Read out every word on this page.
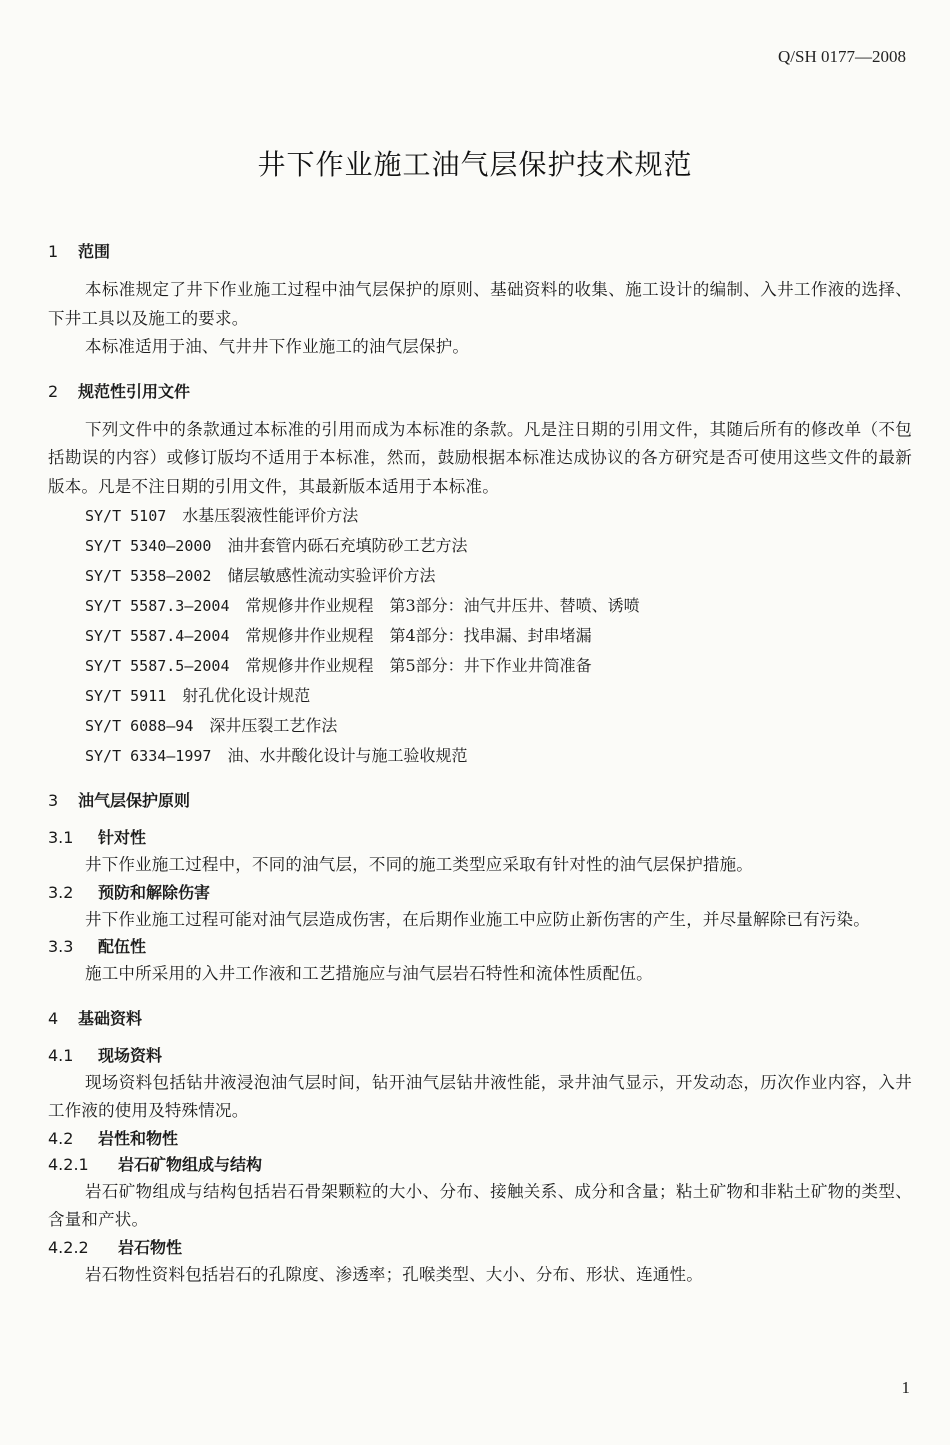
Q/SH 0177—2008
井下作业施工油气层保护技术规范
1 范围

本标准规定了井下作业施工过程中油气层保护的原则、基础资料的收集、施工设计的编制、入井工作液的选择、下井工具以及施工的要求。

本标准适用于油、气井井下作业施工的油气层保护。

2 规范性引用文件

下列文件中的条款通过本标准的引用而成为本标准的条款。凡是注日期的引用文件，其随后所有的修改单（不包括勘误的内容）或修订版均不适用于本标准，然而，鼓励根据本标准达成协议的各方研究是否可使用这些文件的最新版本。凡是不注日期的引用文件，其最新版本适用于本标准。

SY/T 5107 水基压裂液性能评价方法

SY/T 5340—2000 油井套管内砾石充填防砂工艺方法

SY/T 5358—2002 储层敏感性流动实验评价方法

SY/T 5587.3—2004 常规修井作业规程　第3部分：油气井压井、替喷、诱喷

SY/T 5587.4—2004 常规修井作业规程　第4部分：找串漏、封串堵漏

SY/T 5587.5—2004 常规修井作业规程　第5部分：井下作业井筒准备

SY/T 5911 射孔优化设计规范

SY/T 6088—94 深井压裂工艺作法

SY/T 6334—1997 油、水井酸化设计与施工验收规范

3 油气层保护原则
3.1 针对性

井下作业施工过程中，不同的油气层，不同的施工类型应采取有针对性的油气层保护措施。

3.2 预防和解除伤害

井下作业施工过程可能对油气层造成伤害，在后期作业施工中应防止新伤害的产生，并尽量解除已有污染。

3.3 配伍性

施工中所采用的入井工作液和工艺措施应与油气层岩石特性和流体性质配伍。

4 基础资料
4.1 现场资料

现场资料包括钻井液浸泡油气层时间，钻开油气层钻井液性能，录井油气显示，开发动态，历次作业内容，入井工作液的使用及特殊情况。

4.2 岩性和物性
4.2.1 岩石矿物组成与结构

岩石矿物组成与结构包括岩石骨架颗粒的大小、分布、接触关系、成分和含量；粘土矿物和非粘土矿物的类型、含量和产状。

4.2.2 岩石物性

岩石物性资料包括岩石的孔隙度、渗透率；孔喉类型、大小、分布、形状、连通性。

1
